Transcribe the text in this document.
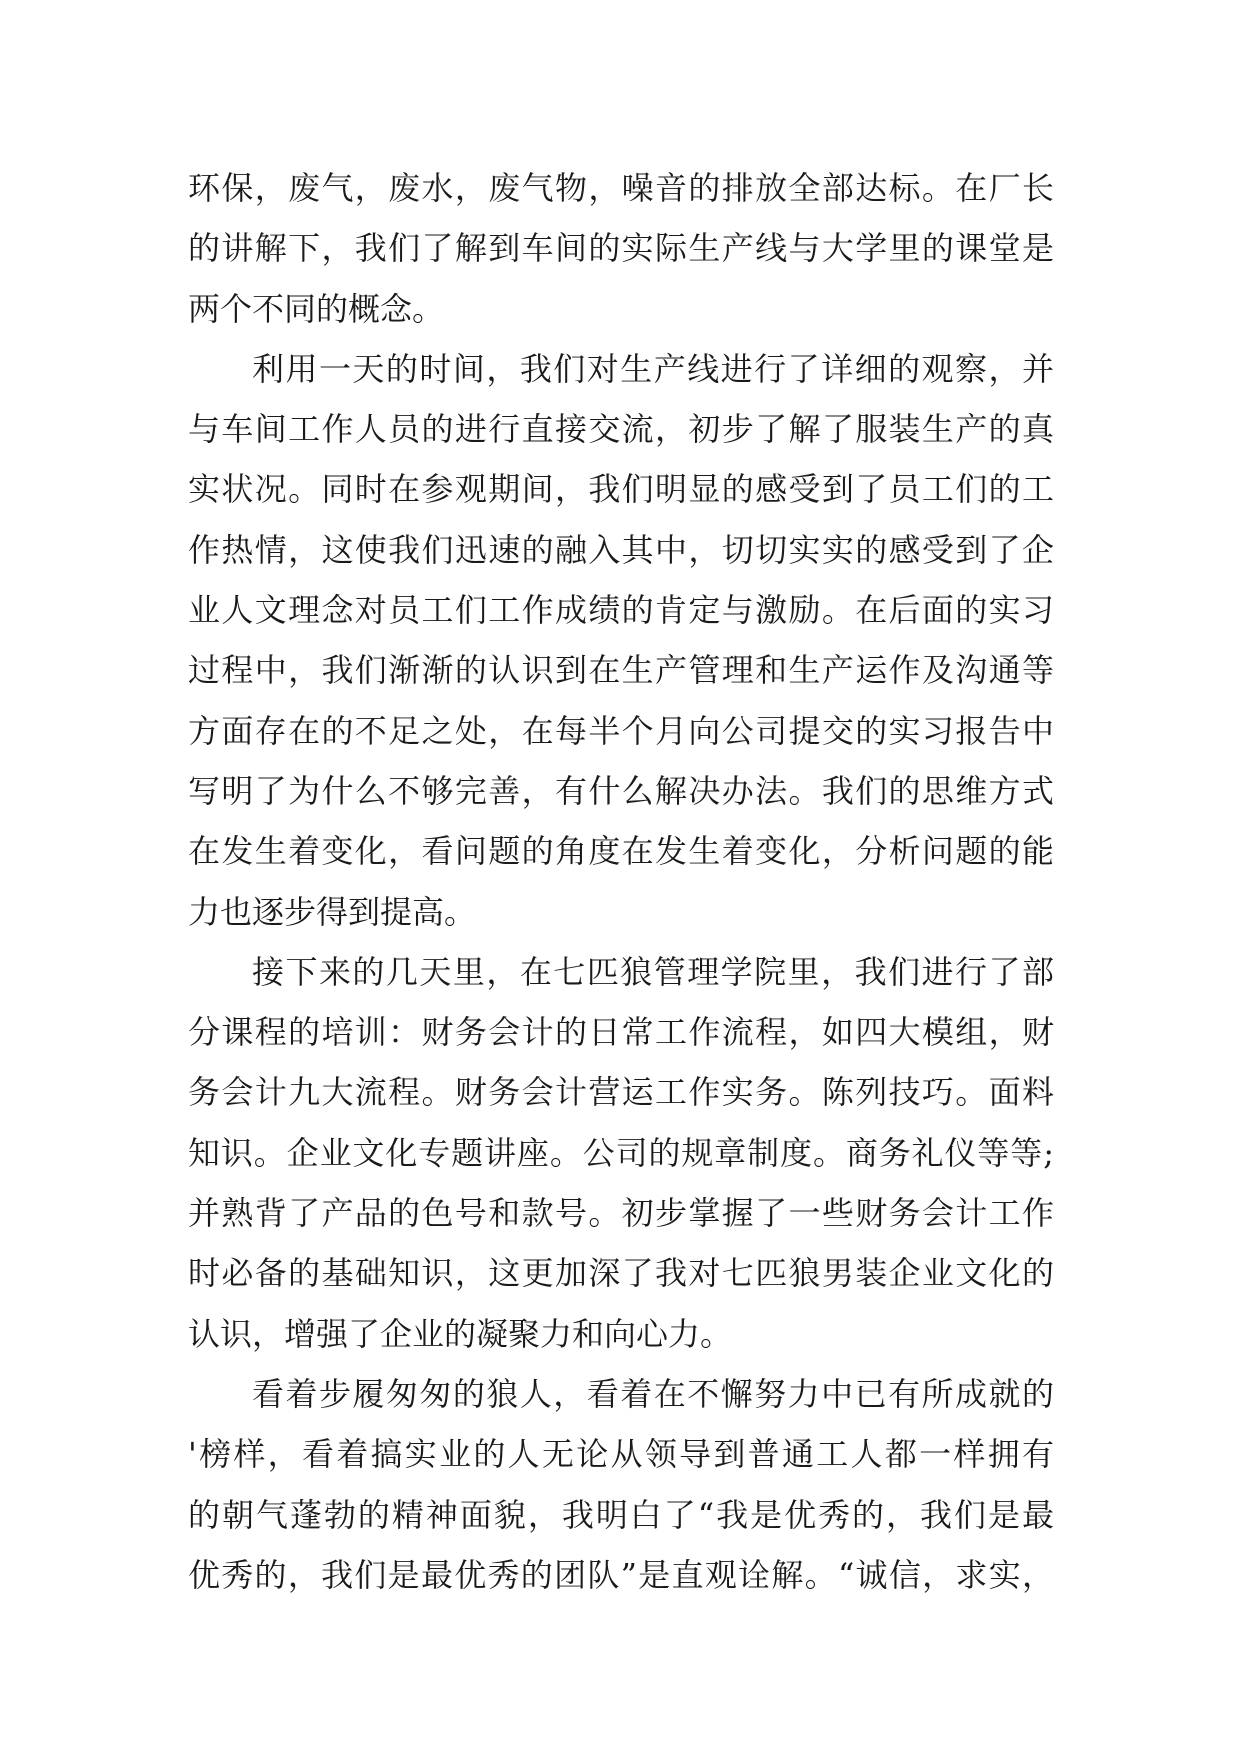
环保，废气，废水，废气物，噪音的排放全部达标。在厂长
的讲解下，我们了解到车间的实际生产线与大学里的课堂是
两个不同的概念。
利用一天的时间，我们对生产线进行了详细的观察，并
与车间工作人员的进行直接交流，初步了解了服装生产的真
实状况。同时在参观期间，我们明显的感受到了员工们的工
作热情，这使我们迅速的融入其中，切切实实的感受到了企
业人文理念对员工们工作成绩的肯定与激励。在后面的实习
过程中，我们渐渐的认识到在生产管理和生产运作及沟通等
方面存在的不足之处，在每半个月向公司提交的实习报告中
写明了为什么不够完善，有什么解决办法。我们的思维方式
在发生着变化，看问题的角度在发生着变化，分析问题的能
力也逐步得到提高。
接下来的几天里，在七匹狼管理学院里，我们进行了部
分课程的培训：财务会计的日常工作流程，如四大模组，财
务会计九大流程。财务会计营运工作实务。陈列技巧。面料
知识。企业文化专题讲座。公司的规章制度。商务礼仪等等;
并熟背了产品的色号和款号。初步掌握了一些财务会计工作
时必备的基础知识，这更加深了我对七匹狼男装企业文化的
认识，增强了企业的凝聚力和向心力。
看着步履匆匆的狼人，看着在不懈努力中已有所成就的
'榜样，看着搞实业的人无论从领导到普通工人都一样拥有
的朝气蓬勃的精神面貌，我明白了“我是优秀的，我们是最
优秀的，我们是最优秀的团队”是直观诠解。“诚信，求实，
